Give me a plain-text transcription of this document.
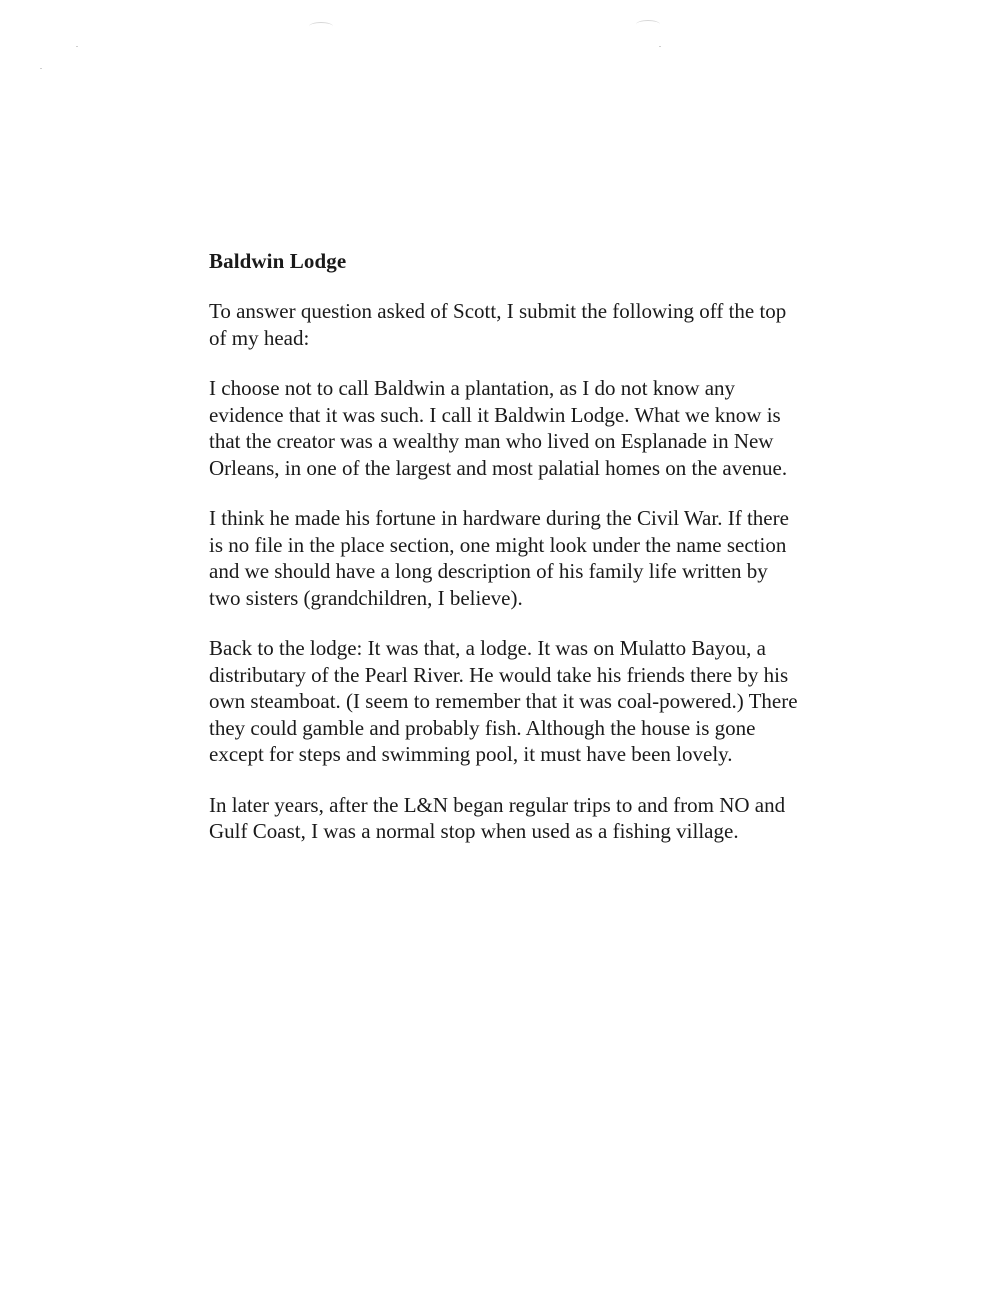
Baldwin Lodge

To answer question asked of Scott, I submit the following off the top
of my head:

I choose not to call Baldwin a plantation, as I do not know any
evidence that it was such. I call it Baldwin Lodge. What we know is
that the creator was a wealthy man who lived on Esplanade in New
Orleans, in one of the largest and most palatial homes on the avenue.

I think he made his fortune in hardware during the Civil War. If there
is no file in the place section, one might look under the name section
and we should have a long description of his family life written by
two sisters (grandchildren, I believe).

Back to the lodge: It was that, a lodge. It was on Mulatto Bayou, a
distributary of the Pearl River. He would take his friends there by his
own steamboat. (I seem to remember that it was coal-powered.) There
they could gamble and probably fish. Although the house is gone
except for steps and swimming pool, it must have been lovely.

In later years, after the L&N began regular trips to and from NO and
Gulf Coast, I was a normal stop when used as a fishing village.
